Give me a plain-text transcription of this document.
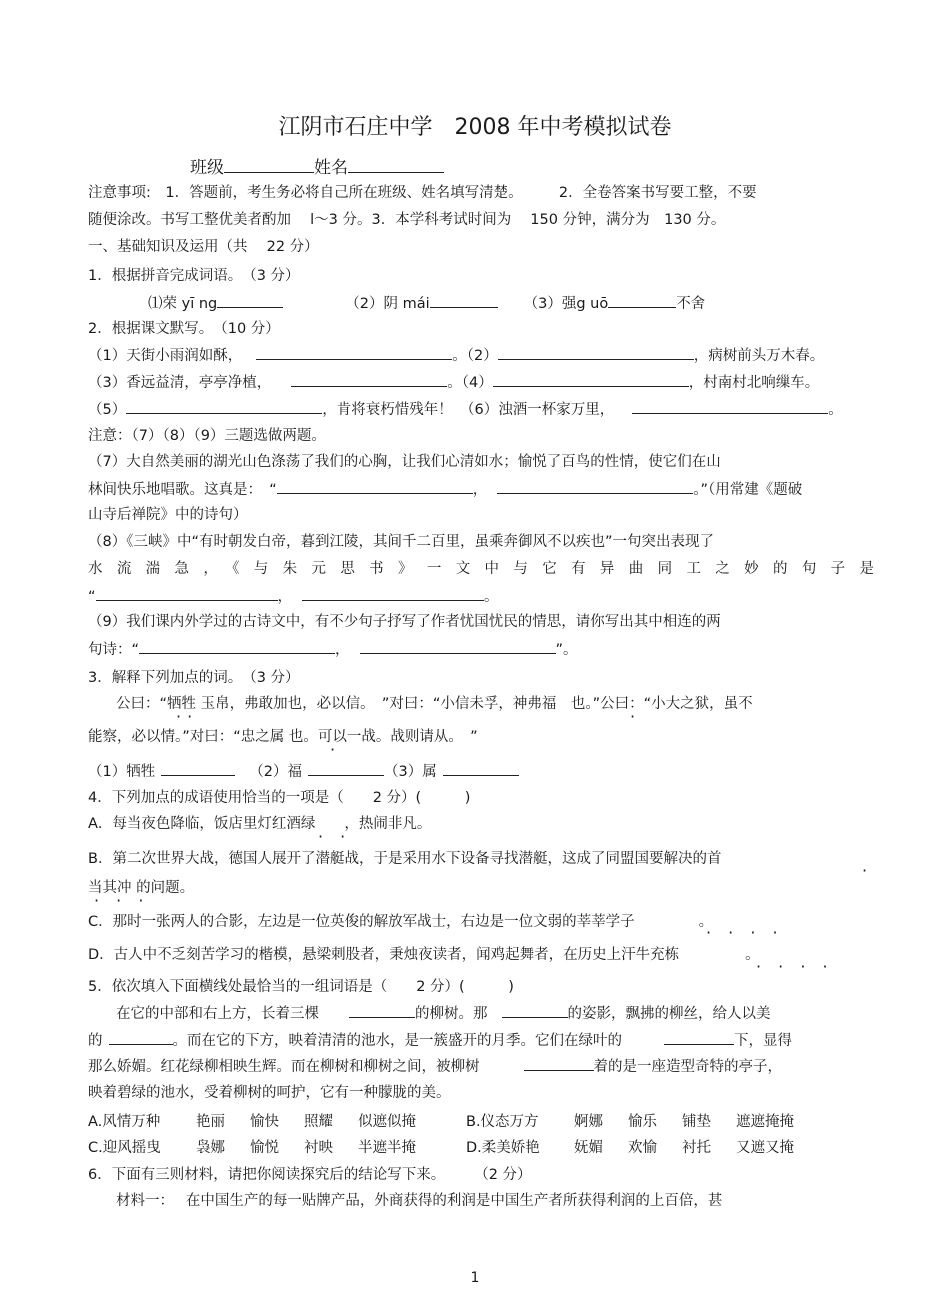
江阴市石庄中学　2008 年中考模拟试卷
班级	姓名
注意事项:　1．答题前，考生务必将自己所在班级、姓名填写清楚。　　　2．全卷答案书写要工整，不要
随便涂改。书写工整优美者酌加　 l～3 分。3．本学科考试时间为　 150 分钟，满分为　130 分。
一、基础知识及运用（共　 22 分）
1．根据拼音完成词语。　（3 分）
⑴荣 yī ng	（2）阴 mái	（3）强g uō	不舍
2．根据课文默写。　（10 分）
（1）天街小雨润如酥，	。（2）	，病树前头万木春。
（3）香远益清，亭亭净植，	。（4）	，村南村北响缫车。
（5）	，肯将衰朽惜残年！　（6）浊酒一杯家万里，	。
注意：（7）（8）（9）三题选做两题。
（7）大自然美丽的湖光山色涤荡了我们的心胸，让我们心清如水；愉悦了百鸟的性情，使它们在山
林间快乐地唱歌。这真是：　“	，	。”（用常建《题破
山寺后禅院》中的诗句）
（8）《三峡》中“有时朝发白帝，暮到江陵，其间千二百里，虽乘奔御风不以疾也”一句突出表现了
水流湍急，《与朱元思书》一文中与它有异曲同工之妙的句子是
“	，	。
（9）我们课内外学过的古诗文中，有不少句子抒写了作者忧国忧民的情思，请你写出其中相连的两
句诗：“	，	”。
3．解释下列加点的词。　（3 分）
公曰：“牺牲 玉帛，弗敢加也，必以信。　”对曰：“小信未孚，神弗福　也。”公曰：“小大之狱，虽不
··	·
能察，必以情。”对曰：“忠之属 也。可以一战。战则请从。　”
·
（1）牺牲	（2）福	（3）属
4．下列加点的成语使用恰当的一项是（　　2 分）(　　　)
A．每当夜色降临，饭店里灯红酒绿　　，热闹非凡。
· ·
B．第二次世界大战，德国人展开了潜艇战，于是采用水下设备寻找潜艇，这成了同盟国要解决的首
·
当其冲 的问题。
· · ·
C．那时一张两人的合影，左边是一位英俊的解放军战士，右边是一位文弱的莘莘学子	。
· · · ·
D．古人中不乏刻苦学习的楷模，悬梁刺股者，秉烛夜读者，闻鸡起舞者，在历史上汗牛充栋	。
· · · ·
5．依次填入下面横线处最恰当的一组词语是（　　2 分）(　　　)
在它的中部和右上方，长着三棵	的柳树。那	的姿影，飘拂的柳丝，给人以美
的	。而在它的下方，映着清清的池水，是一簇盛开的月季。它们在绿叶的	下，显得
那么娇媚。红花绿柳相映生辉。而在柳树和柳树之间，被柳树	着的是一座造型奇特的亭子，
映着碧绿的池水，受着柳树的呵护，它有一种朦胧的美。
A.风情万种 艳丽 愉快 照耀 似遮似掩	B.仪态万方 婀娜 愉乐 铺垫 遮遮掩掩
C.迎风摇曳 袅娜 愉悦 衬映 半遮半掩	D.柔美娇艳 妩媚 欢愉 衬托 又遮又掩
6．下面有三则材料，请把你阅读探究后的结论写下来。　　　（2 分）
材料一：　 在中国生产的每一贴牌产品，外商获得的利润是中国生产者所获得利润的上百倍，甚
1
